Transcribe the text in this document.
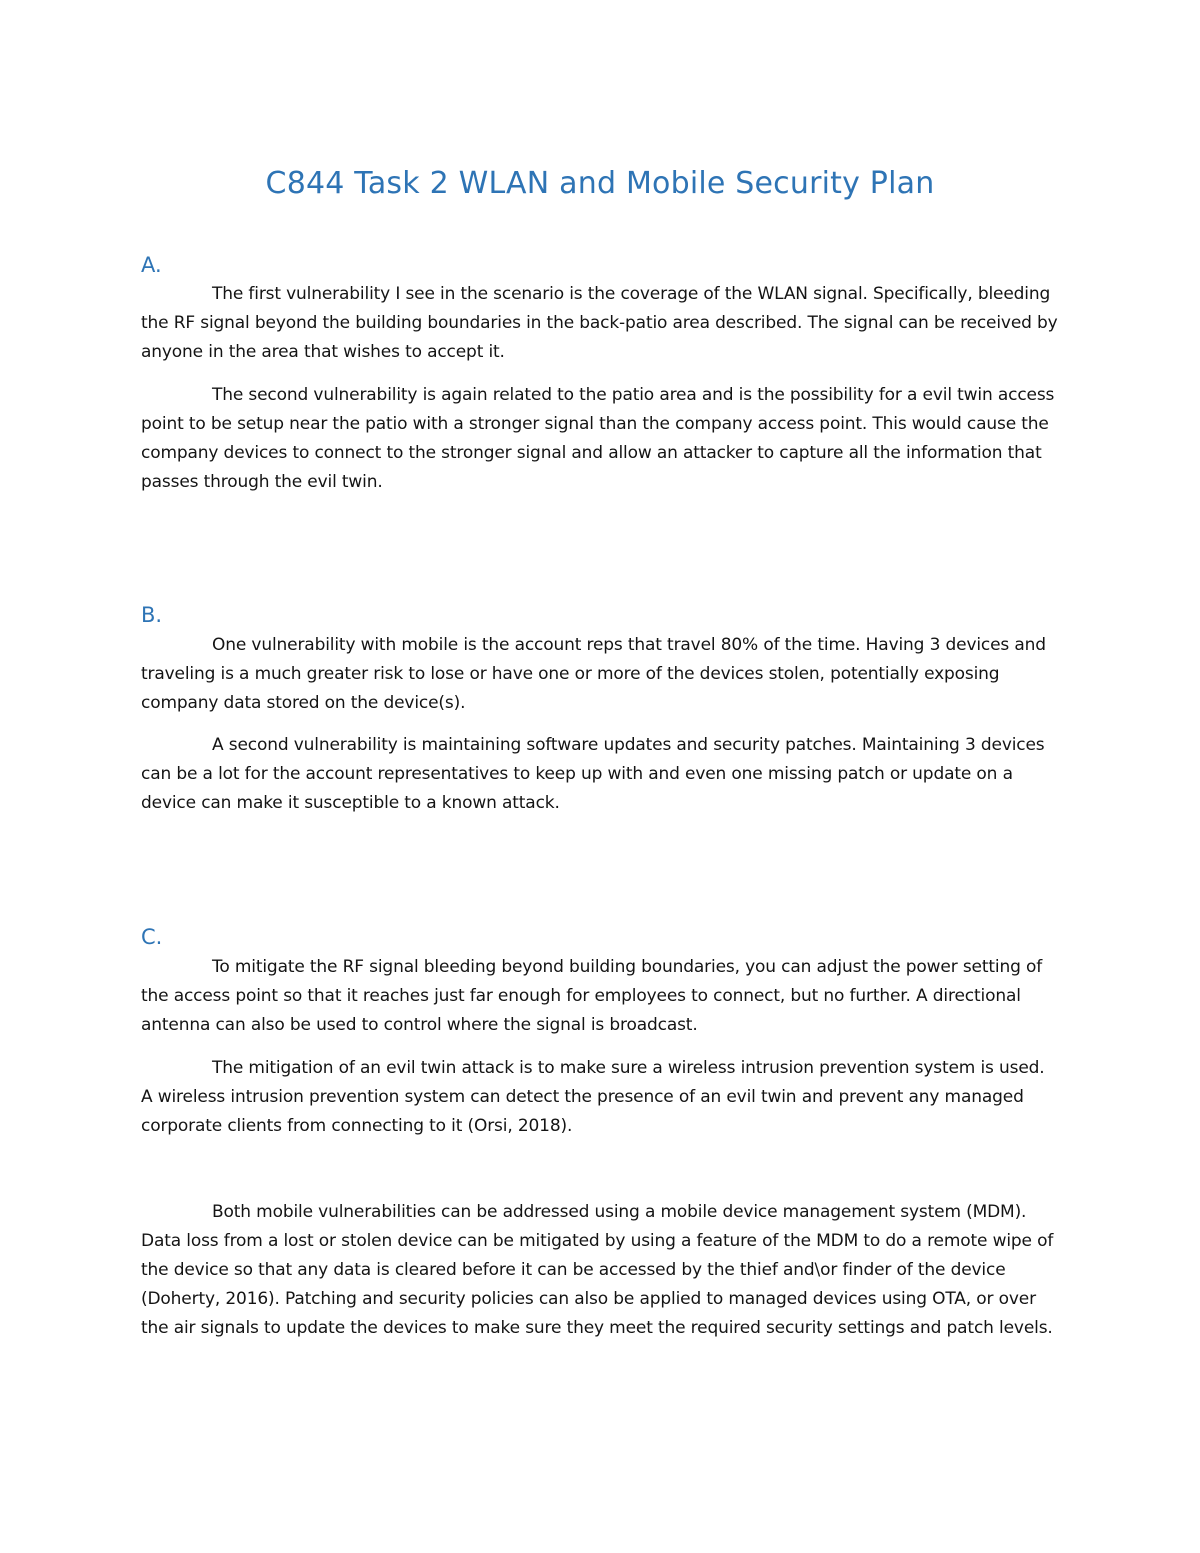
C844 Task 2 WLAN and Mobile Security Plan
A.
The first vulnerability I see in the scenario is the coverage of the WLAN signal. Specifically, bleeding the RF signal beyond the building boundaries in the back-patio area described. The signal can be received by anyone in the area that wishes to accept it.
The second vulnerability is again related to the patio area and is the possibility for a evil twin access point to be setup near the patio with a stronger signal than the company access point. This would cause the company devices to connect to the stronger signal and allow an attacker to capture all the information that passes through the evil twin.
B.
One vulnerability with mobile is the account reps that travel 80% of the time. Having 3 devices and traveling is a much greater risk to lose or have one or more of the devices stolen, potentially exposing company data stored on the device(s).
A second vulnerability is maintaining software updates and security patches. Maintaining 3 devices can be a lot for the account representatives to keep up with and even one missing patch or update on a device can make it susceptible to a known attack.
C.
To mitigate the RF signal bleeding beyond building boundaries, you can adjust the power setting of the access point so that it reaches just far enough for employees to connect, but no further. A directional antenna can also be used to control where the signal is broadcast.
The mitigation of an evil twin attack is to make sure a wireless intrusion prevention system is used. A wireless intrusion prevention system can detect the presence of an evil twin and prevent any managed corporate clients from connecting to it (Orsi, 2018).
Both mobile vulnerabilities can be addressed using a mobile device management system (MDM). Data loss from a lost or stolen device can be mitigated by using a feature of the MDM to do a remote wipe of the device so that any data is cleared before it can be accessed by the thief and\or finder of the device (Doherty, 2016). Patching and security policies can also be applied to managed devices using OTA, or over the air signals to update the devices to make sure they meet the required security settings and patch levels.
